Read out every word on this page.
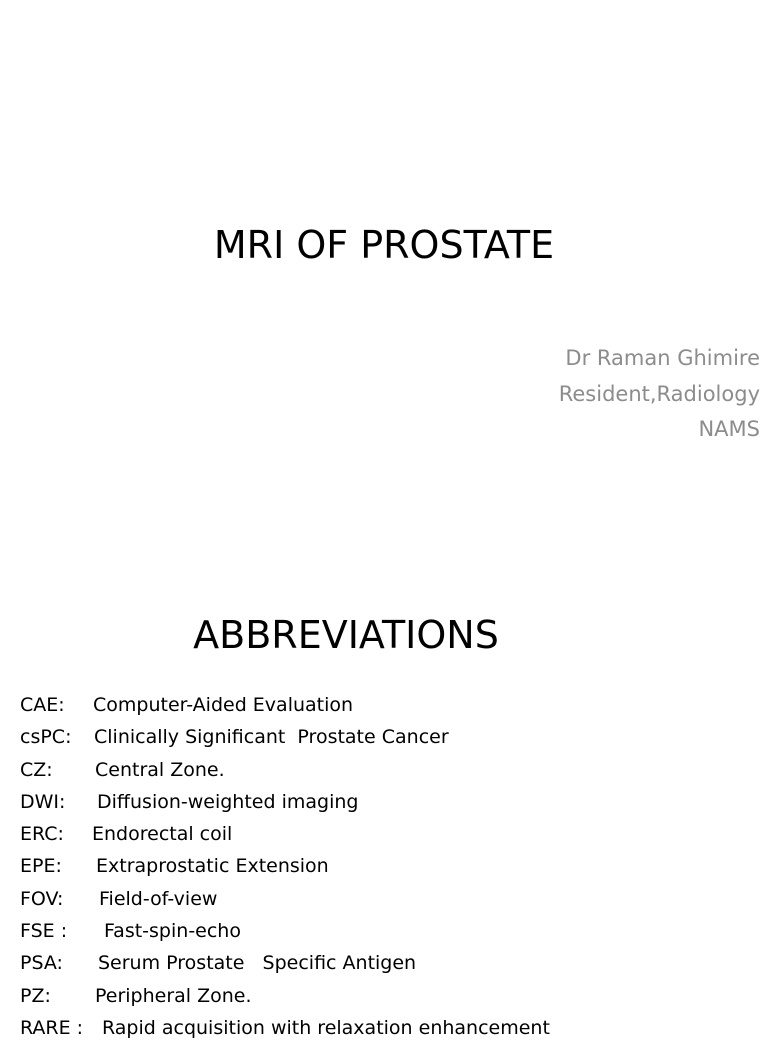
MRI OF PROSTATE
Dr Raman Ghimire
Resident,Radiology
NAMS
ABBREVIATIONS
CAE: Computer-Aided Evaluation
csPC: Clinically Significant  Prostate Cancer
CZ: Central Zone.
DWI: Diffusion-weighted imaging
ERC: Endorectal coil
EPE: Extraprostatic Extension
FOV: Field-of-view
FSE : Fast-spin-echo
PSA: Serum Prostate   Specific Antigen
PZ: Peripheral Zone.
RARE : Rapid acquisition with relaxation enhancement
